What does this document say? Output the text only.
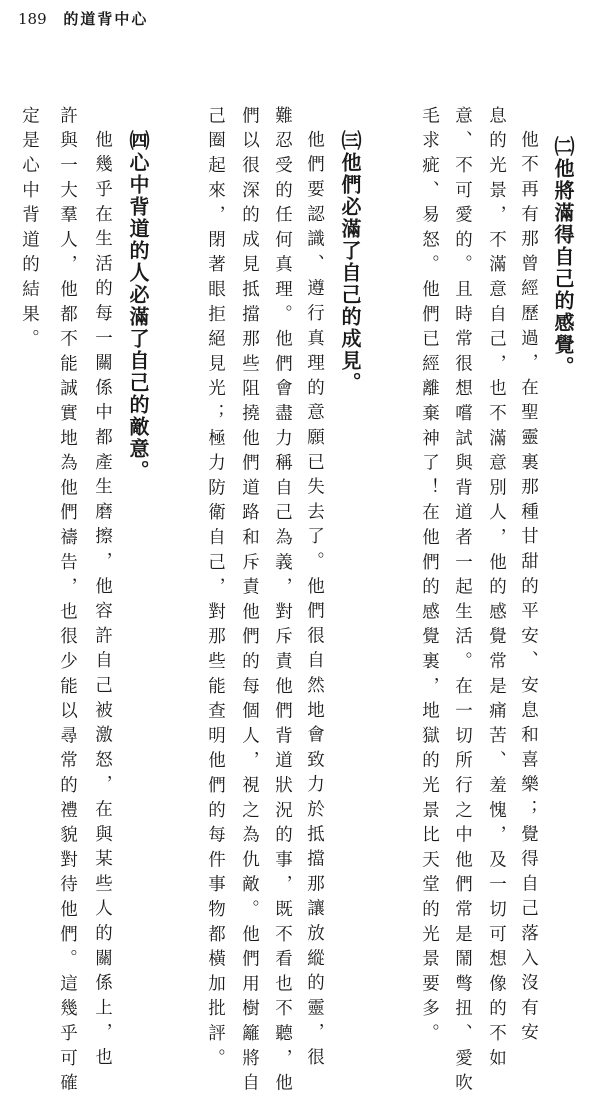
189 的道背中心
㈡他將滿得自己的感覺。
他不再有那曾經歷過，在聖靈裏那種甘甜的平安、安息和喜樂；覺得自己落入沒有安
息的光景，不滿意自己，也不滿意別人，他的感覺常是痛苦、羞愧，及一切可想像的不如
意、不可愛的。且時常很想嚐試與背道者一起生活。在一切所行之中他們常是鬧彆扭、愛吹
毛求疵、易怒。他們已經離棄神了！在他們的感覺裏，地獄的光景比天堂的光景要多。
㈢他們必滿了自己的成見。
他們要認識、遵行真理的意願已失去了。他們很自然地會致力於抵擋那讓放縱的靈，很
難忍受的任何真理。他們會盡力稱自己為義，對斥責他們背道狀況的事，既不看也不聽，他
們以很深的成見抵擋那些阻撓他們道路和斥責他們的每個人，視之為仇敵。他們用樹籬將自
己圈起來，閉著眼拒絕見光；極力防衛自己，對那些能查明他們的每件事物都橫加批評。
㈣心中背道的人必滿了自己的敵意。
他幾乎在生活的每一關係中都產生磨擦，他容許自己被激怒，在與某些人的關係上，也
許與一大羣人，他都不能誠實地為他們禱告，也很少能以尋常的禮貌對待他們。這幾乎可確
定是心中背道的結果。
